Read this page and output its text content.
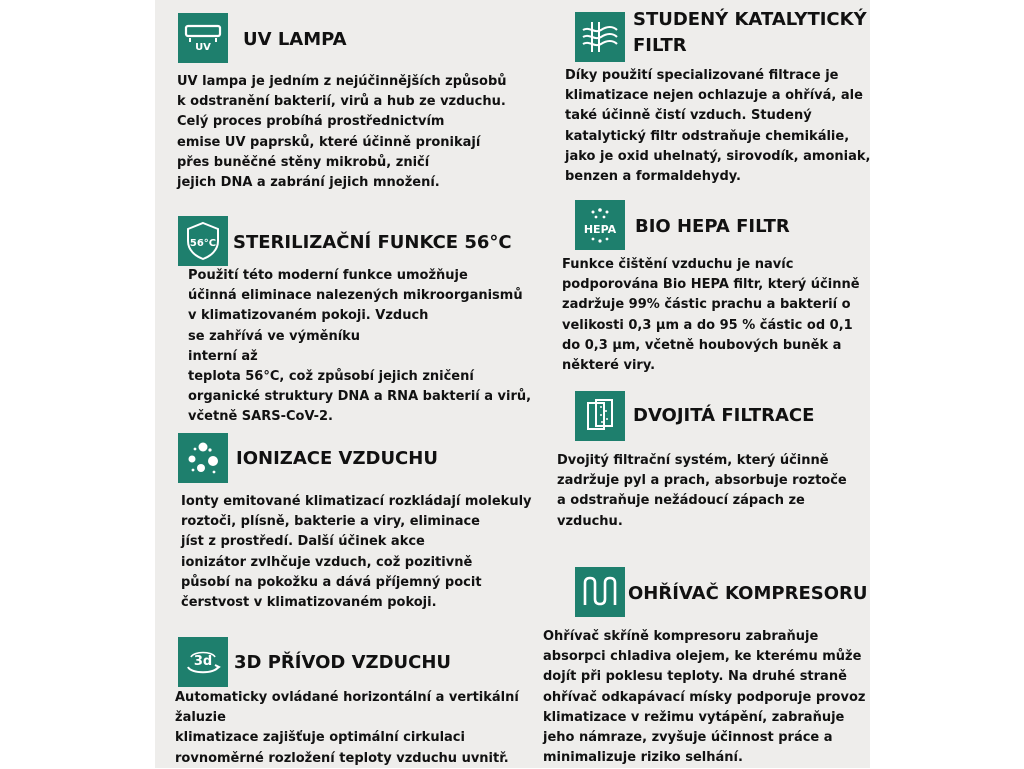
UV UV LAMPA
UV lampa je jedním z nejúčinnějších způsobů
k odstranění bakterií, virů a hub ze vzduchu.
Celý proces probíhá prostřednictvím
emise UV paprsků, které účinně pronikají
přes buněčné stěny mikrobů, zničí
jejich DNA a zabrání jejich množení.
56°C STERILIZAČNÍ FUNKCE 56°C
Použití této moderní funkce umožňuje
účinná eliminace nalezených mikroorganismů
v klimatizovaném pokoji. Vzduch
se zahřívá ve výměníku
interní až
teplota 56°C, což způsobí jejich zničení
organické struktury DNA a RNA bakterií a virů,
včetně SARS-CoV-2.
IONIZACE VZDUCHU
Ionty emitované klimatizací rozkládají molekuly
roztoči, plísně, bakterie a viry, eliminace
jíst z prostředí. Další účinek akce
ionizátor zvlhčuje vzduch, což pozitivně
působí na pokožku a dává příjemný pocit
čerstvost v klimatizovaném pokoji.
3d 3D PŘÍVOD VZDUCHU
Automaticky ovládané horizontální a vertikální
žaluzie
klimatizace zajišťuje optimální cirkulaci
rovnoměrné rozložení teploty vzduchu uvnitř.
STUDENÝ KATALYTICKÝ
FILTR
Díky použití specializované filtrace je
klimatizace nejen ochlazuje a ohřívá, ale
také účinně čistí vzduch. Studený
katalytický filtr odstraňuje chemikálie,
jako je oxid uhelnatý, sirovodík, amoniak,
benzen a formaldehydy.
HEPA BIO HEPA FILTR
Funkce čištění vzduchu je navíc
podporována Bio HEPA filtr, který účinně
zadržuje 99% částic prachu a bakterií o
velikosti 0,3 µm a do 95 % částic od 0,1
do 0,3 µm, včetně houbových buněk a
některé viry.
DVOJITÁ FILTRACE
Dvojitý filtrační systém, který účinně
zadržuje pyl a prach, absorbuje roztoče
a odstraňuje nežádoucí zápach ze
vzduchu.
OHŘÍVAČ KOMPRESORU
Ohřívač skříně kompresoru zabraňuje
absorpci chladiva olejem, ke kterému může
dojít při poklesu teploty. Na druhé straně
ohřívač odkapávací mísky podporuje provoz
klimatizace v režimu vytápění, zabraňuje
jeho námraze, zvyšuje účinnost práce a
minimalizuje riziko selhání.
